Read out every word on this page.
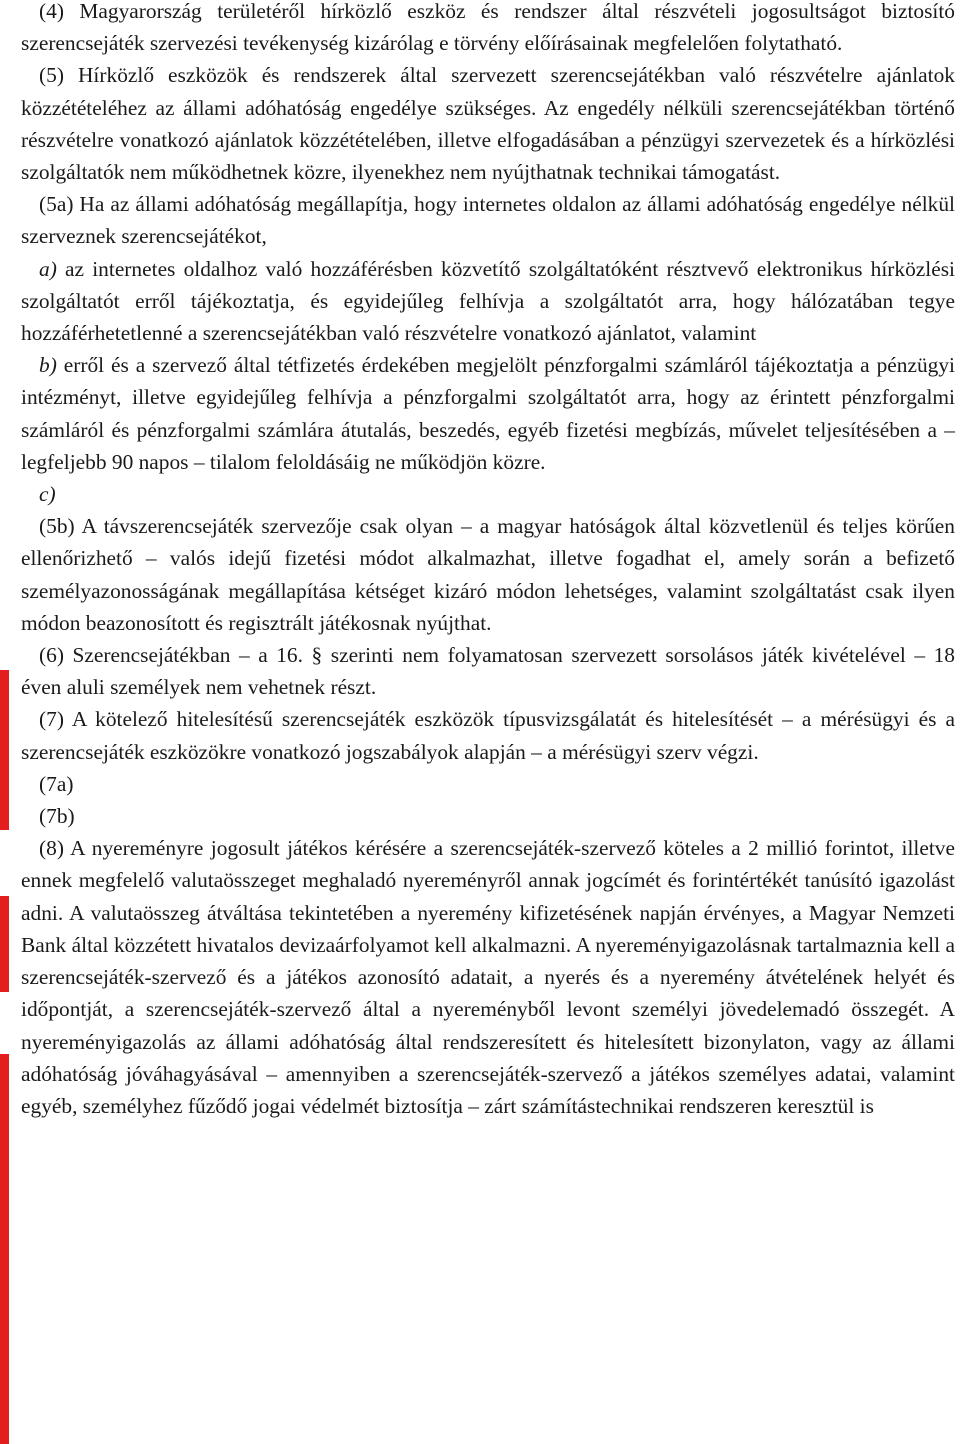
(4) Magyarország területéről hírközlő eszköz és rendszer által részvételi jogosultságot biztosító szerencsejáték szervezési tevékenység kizárólag e törvény előírásainak megfelelően folytatható.

(5) Hírközlő eszközök és rendszerek által szervezett szerencsejátékban való részvételre ajánlatok közzétételéhez az állami adóhatóság engedélye szükséges. Az engedély nélküli szerencsejátékban történő részvételre vonatkozó ajánlatok közzétételében, illetve elfogadásában a pénzügyi szervezetek és a hírközlési szolgáltatók nem működhetnek közre, ilyenekhez nem nyújthatnak technikai támogatást.

(5a) Ha az állami adóhatóság megállapítja, hogy internetes oldalon az állami adóhatóság engedélye nélkül szerveznek szerencsejátékot,

a) az internetes oldalhoz való hozzáférésben közvetítő szolgáltatóként résztvevő elektronikus hírközlési szolgáltatót erről tájékoztatja, és egyidejűleg felhívja a szolgáltatót arra, hogy hálózatában tegye hozzáférhetetlenné a szerencsejátékban való részvételre vonatkozó ajánlatot, valamint

b) erről és a szervező által tétfizetés érdekében megjelölt pénzforgalmi számláról tájékoztatja a pénzügyi intézményt, illetve egyidejűleg felhívja a pénzforgalmi szolgáltatót arra, hogy az érintett pénzforgalmi számláról és pénzforgalmi számlára átutalás, beszedés, egyéb fizetési megbízás, művelet teljesítésében a – legfeljebb 90 napos – tilalom feloldásáig ne működjön közre.

c)

(5b) A távszerencsejáték szervezője csak olyan – a magyar hatóságok által közvetlenül és teljes körűen ellenőrizhető – valós idejű fizetési módot alkalmazhat, illetve fogadhat el, amely során a befizető személyazonosságának megállapítása kétséget kizáró módon lehetséges, valamint szolgáltatást csak ilyen módon beazonosított és regisztrált játékosnak nyújthat.

(6) Szerencsejátékban – a 16. § szerinti nem folyamatosan szervezett sorsolásos játék kivételével – 18 éven aluli személyek nem vehetnek részt.

(7) A kötelező hitelesítésű szerencsejáték eszközök típusvizsgálatát és hitelesítését – a mérésügyi és a szerencsejáték eszközökre vonatkozó jogszabályok alapján – a mérésügyi szerv végzi.

(7a)

(7b)

(8) A nyereményre jogosult játékos kérésére a szerencsejáték-szervező köteles a 2 millió forintot, illetve ennek megfelelő valutaösszeget meghaladó nyereményről annak jogcímét és forintértékét tanúsító igazolást adni. A valutaösszeg átváltása tekintetében a nyeremény kifizetésének napján érvényes, a Magyar Nemzeti Bank által közzétett hivatalos devizaárfolyamot kell alkalmazni. A nyereményigazolásnak tartalmaznia kell a szerencsejáték-szervező és a játékos azonosító adatait, a nyerés és a nyeremény átvételének helyét és időpontját, a szerencsejáték-szervező által a nyereményből levont személyi jövedelemadó összegét. A nyereményigazolás az állami adóhatóság által rendszeresített és hitelesített bizonylaton, vagy az állami adóhatóság jóváhagyásával – amennyiben a szerencsejáték-szervező a játékos személyes adatai, valamint egyéb, személyhez fűződő jogai védelmét biztosítja – zárt számítástechnikai rendszeren keresztül is
